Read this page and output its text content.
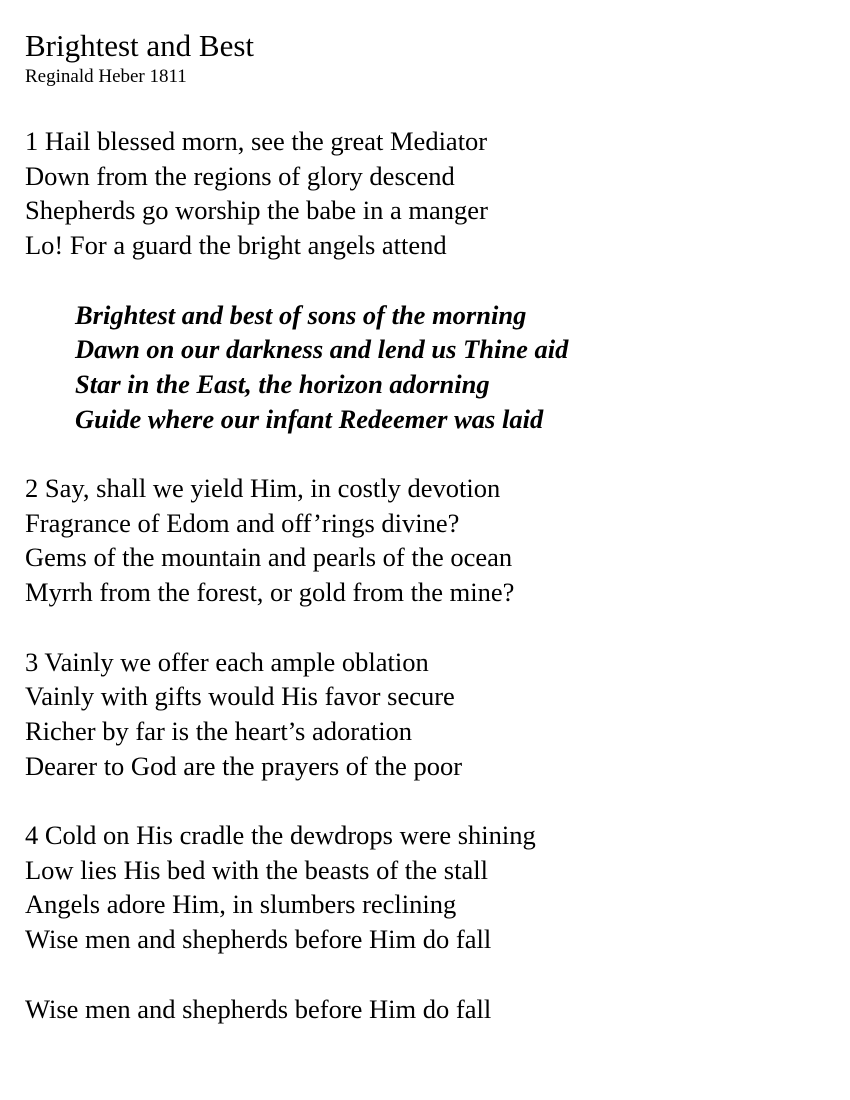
Brightest and Best
Reginald Heber 1811
1 Hail blessed morn, see the great Mediator
Down from the regions of glory descend
Shepherds go worship the babe in a manger
Lo! For a guard the bright angels attend
Brightest and best of sons of the morning
Dawn on our darkness and lend us Thine aid
Star in the East, the horizon adorning
Guide where our infant Redeemer was laid
2 Say, shall we yield Him, in costly devotion
Fragrance of Edom and off’rings divine?
Gems of the mountain and pearls of the ocean
Myrrh from the forest, or gold from the mine?
3 Vainly we offer each ample oblation
Vainly with gifts would His favor secure
Richer by far is the heart’s adoration
Dearer to God are the prayers of the poor
4 Cold on His cradle the dewdrops were shining
Low lies His bed with the beasts of the stall
Angels adore Him, in slumbers reclining
Wise men and shepherds before Him do fall
Wise men and shepherds before Him do fall
